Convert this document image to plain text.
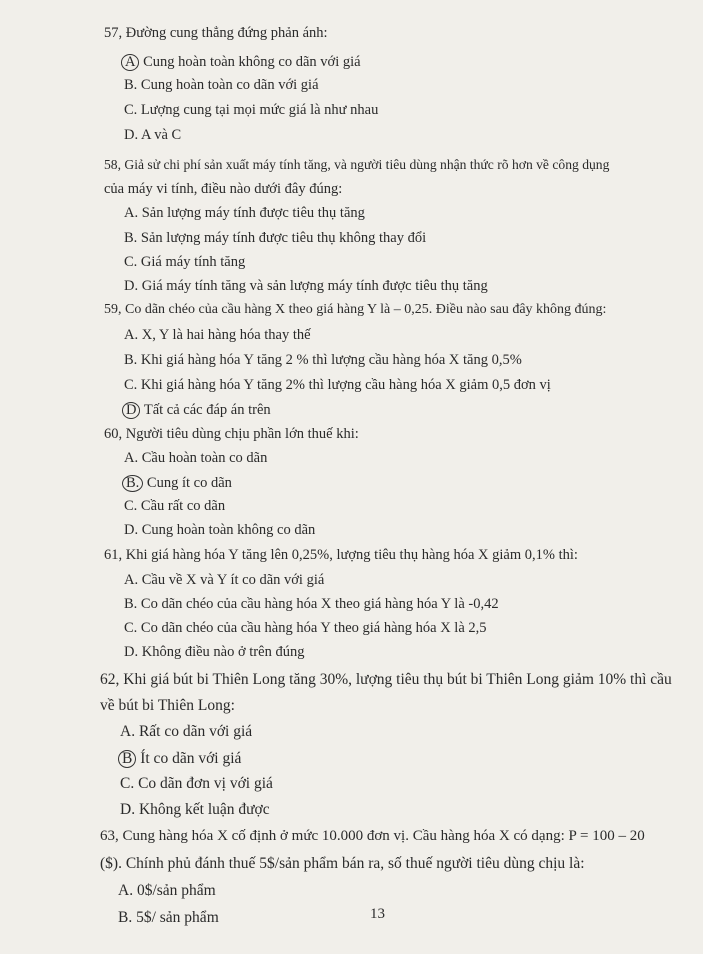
57, Đường cung thẳng đứng phản ánh:
A Cung hoàn toàn không co dãn với giá
B. Cung hoàn toàn co dãn với giá
C. Lượng cung tại mọi mức giá là như nhau
D. A và C
58, Giả sử chi phí sản xuất máy tính tăng, và người tiêu dùng nhận thức rõ hơn về công dụng
của máy vi tính, điều nào dưới đây đúng:
A. Sản lượng máy tính được tiêu thụ tăng
B. Sản lượng máy tính được tiêu thụ không thay đổi
C. Giá máy tính tăng
D. Giá máy tính tăng và sản lượng máy tính được tiêu thụ tăng
59, Co dãn chéo của cầu hàng X theo giá hàng Y là – 0,25. Điều nào sau đây không đúng:
A. X, Y là hai hàng hóa thay thế
B. Khi giá hàng hóa Y tăng 2 % thì lượng cầu hàng hóa X tăng 0,5%
C. Khi giá hàng hóa Y tăng 2% thì lượng cầu hàng hóa X giảm 0,5 đơn vị
D Tất cả các đáp án trên
60, Người tiêu dùng chịu phần lớn thuế khi:
A. Cầu hoàn toàn co dãn
B. Cung ít co dãn
C. Cầu rất co dãn
D. Cung hoàn toàn không co dãn
61, Khi giá hàng hóa Y tăng lên 0,25%, lượng tiêu thụ hàng hóa X giảm 0,1% thì:
A. Cầu về X và Y ít co dãn với giá
B. Co dãn chéo của cầu hàng hóa X theo giá hàng hóa Y là -0,42
C. Co dãn chéo của cầu hàng hóa Y theo giá hàng hóa X là 2,5
D. Không điều nào ở trên đúng
62, Khi giá bút bi Thiên Long tăng 30%, lượng tiêu thụ bút bi Thiên Long giảm 10% thì cầu
về bút bi Thiên Long:
A. Rất co dãn với giá
B Ít co dãn với giá
C. Co dãn đơn vị với giá
D. Không kết luận được
63, Cung hàng hóa X cố định ở mức 10.000 đơn vị. Cầu hàng hóa X có dạng: P = 100 – 20
($). Chính phủ đánh thuế 5$/sản phẩm bán ra, số thuế người tiêu dùng chịu là:
A. 0$/sản phẩm
B. 5$/ sản phẩm	13
